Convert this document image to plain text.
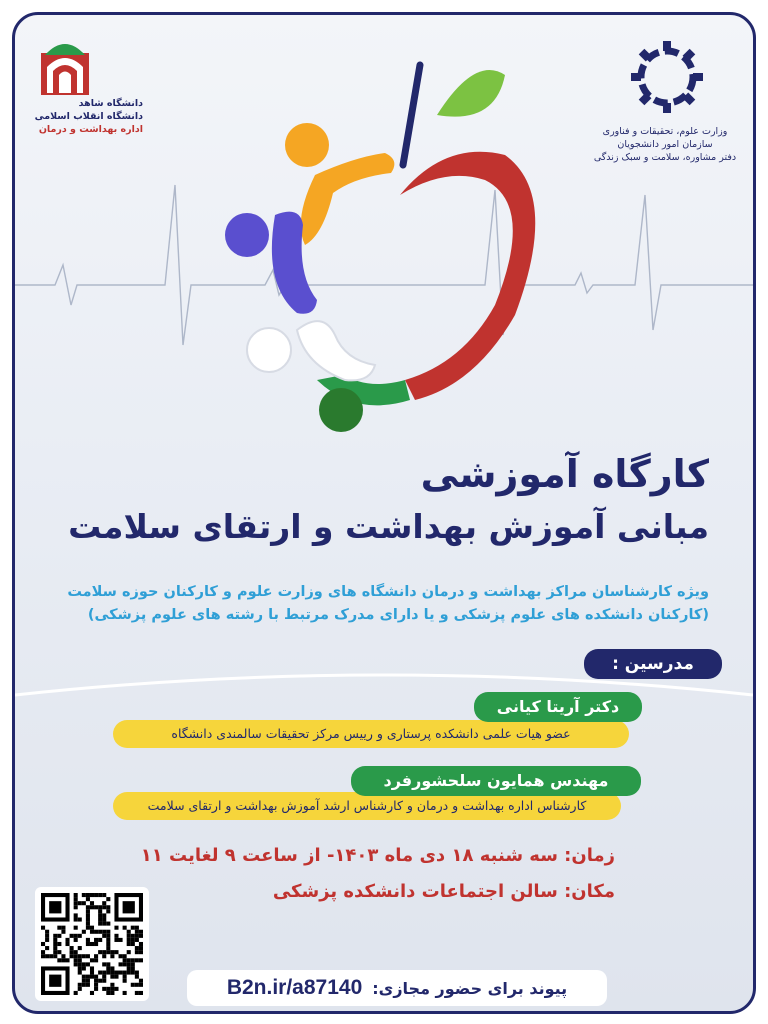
وزارت علوم، تحقیقات و فناوری
سازمان امور دانشجویان
دفتر مشاوره، سلامت و سبک زندگی
دانشگاه شاهد
دانشگاه انقلاب اسلامی
اداره بهداشت و درمان
کارگاه آموزشی
مبانی آموزش بهداشت و ارتقای سلامت
ویژه کارشناسان مراکز بهداشت و درمان دانشگاه های وزارت علوم و کارکنان حوزه سلامت
(کارکنان دانشکده های علوم پزشکی و یا دارای مدرک مرتبط با رشته های علوم پزشکی)
مدرسین :
دکتر آریتا کیانی
عضو هیات علمی دانشکده پرستاری و رییس مرکز تحقیقات سالمندی دانشگاه
مهندس همایون سلحشورفرد
کارشناس اداره بهداشت و درمان و کارشناس ارشد آموزش بهداشت و ارتقای سلامت
زمان: سه شنبه ۱۸ دی ماه ۱۴۰۳- از ساعت ۹ لغایت ۱۱
مکان: سالن اجتماعات دانشکده پزشکی
پیوند برای حضور مجازی:
B2n.ir/a87140
